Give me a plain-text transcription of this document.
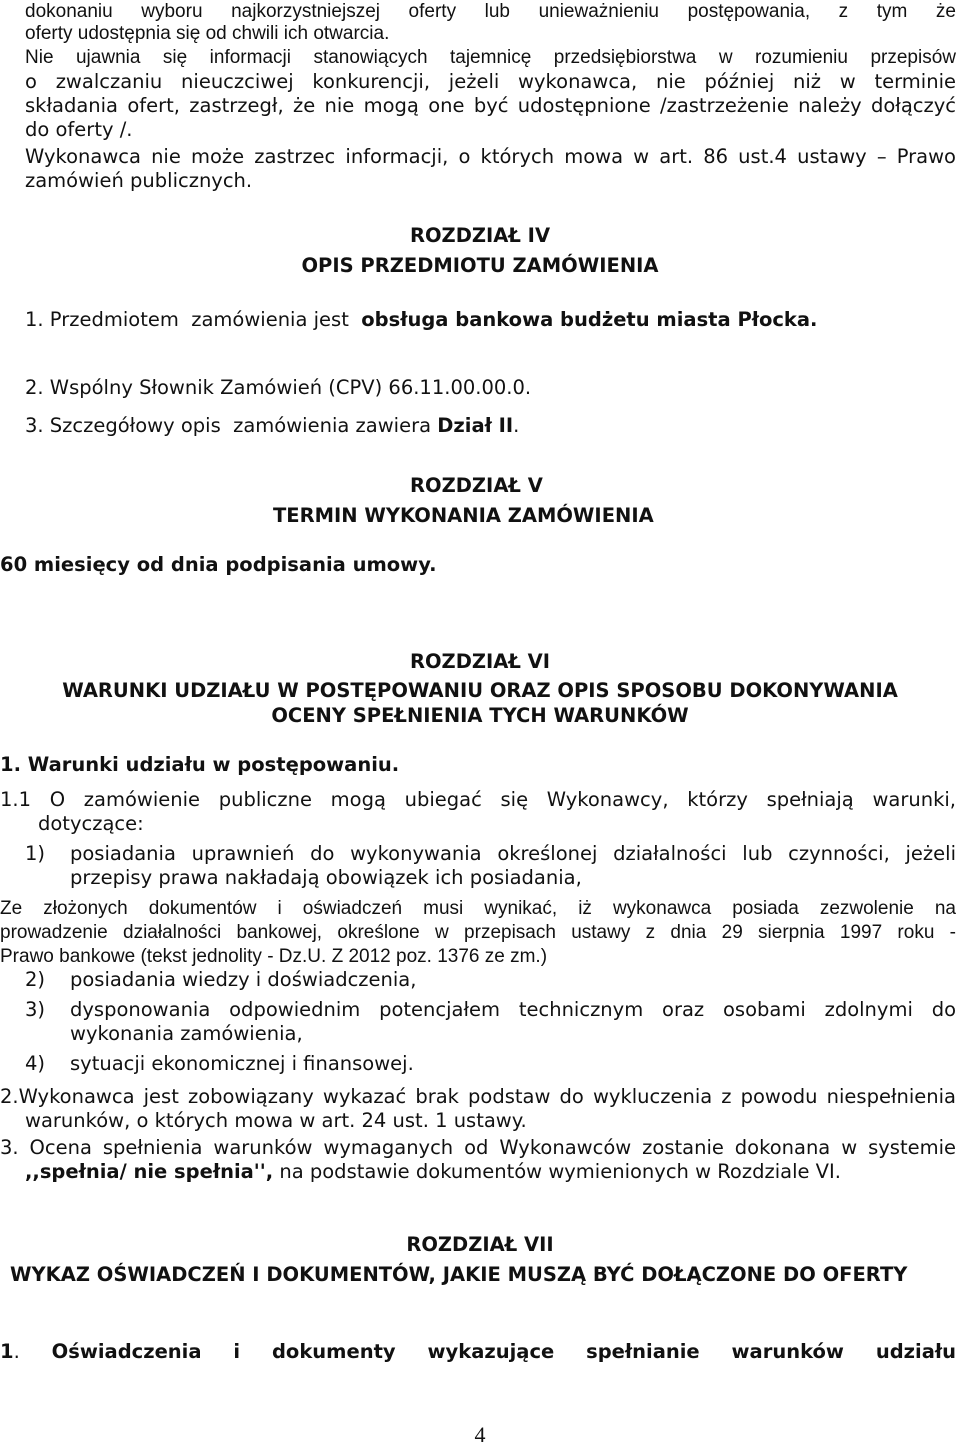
dokonaniu wyboru najkorzystniejszej oferty lub unieważnieniu postępowania, z tym że
oferty udostępnia się od chwili ich otwarcia.
Nie ujawnia się informacji stanowiących tajemnicę przedsiębiorstwa w rozumieniu przepisów
o zwalczaniu nieuczciwej konkurencji, jeżeli wykonawca, nie później niż w terminie
składania ofert, zastrzegł, że nie mogą one być udostępnione /zastrzeżenie należy dołączyć
do oferty /.
Wykonawca nie może zastrzec informacji, o których mowa w art. 86 ust.4 ustawy – Prawo
zamówień publicznych.
ROZDZIAŁ IV
OPIS PRZEDMIOTU ZAMÓWIENIA
1. Przedmiotem  zamówienia jest  obsługa bankowa budżetu miasta Płocka.
2. Wspólny Słownik Zamówień (CPV) 66.11.00.00.0.
3. Szczegółowy opis  zamówienia zawiera Dział II.
ROZDZIAŁ V
TERMIN WYKONANIA ZAMÓWIENIA
60 miesięcy od dnia podpisania umowy.
ROZDZIAŁ VI
WARUNKI UDZIAŁU W POSTĘPOWANIU ORAZ OPIS SPOSOBU DOKONYWANIA
OCENY SPEŁNIENIA TYCH WARUNKÓW
1. Warunki udziału w postępowaniu.
1.1 O zamówienie publiczne mogą ubiegać się Wykonawcy, którzy spełniają warunki,
dotyczące:
1) posiadania uprawnień do wykonywania określonej działalności lub czynności, jeżeli
przepisy prawa nakładają obowiązek ich posiadania,
Ze złożonych dokumentów i oświadczeń musi wynikać, iż wykonawca posiada zezwolenie na
prowadzenie działalności bankowej, określone w przepisach ustawy z dnia 29 sierpnia 1997 roku -
Prawo bankowe (tekst jednolity - Dz.U. Z 2012 poz. 1376 ze zm.)
2) posiadania wiedzy i doświadczenia,
3) dysponowania odpowiednim potencjałem technicznym oraz osobami zdolnymi do
wykonania zamówienia,
4) sytuacji ekonomicznej i finansowej.
2.Wykonawca jest zobowiązany wykazać brak podstaw do wykluczenia z powodu niespełnienia
warunków, o których mowa w art. 24 ust. 1 ustawy.
3. Ocena spełnienia warunków wymaganych od Wykonawców zostanie dokonana w systemie
,,spełnia/ nie spełnia'', na podstawie dokumentów wymienionych w Rozdziale VI.
ROZDZIAŁ VII
WYKAZ OŚWIADCZEŃ I DOKUMENTÓW, JAKIE MUSZĄ BYĆ DOŁĄCZONE DO OFERTY
1. Oświadczenia i dokumenty wykazujące spełnianie warunków udziału
4
